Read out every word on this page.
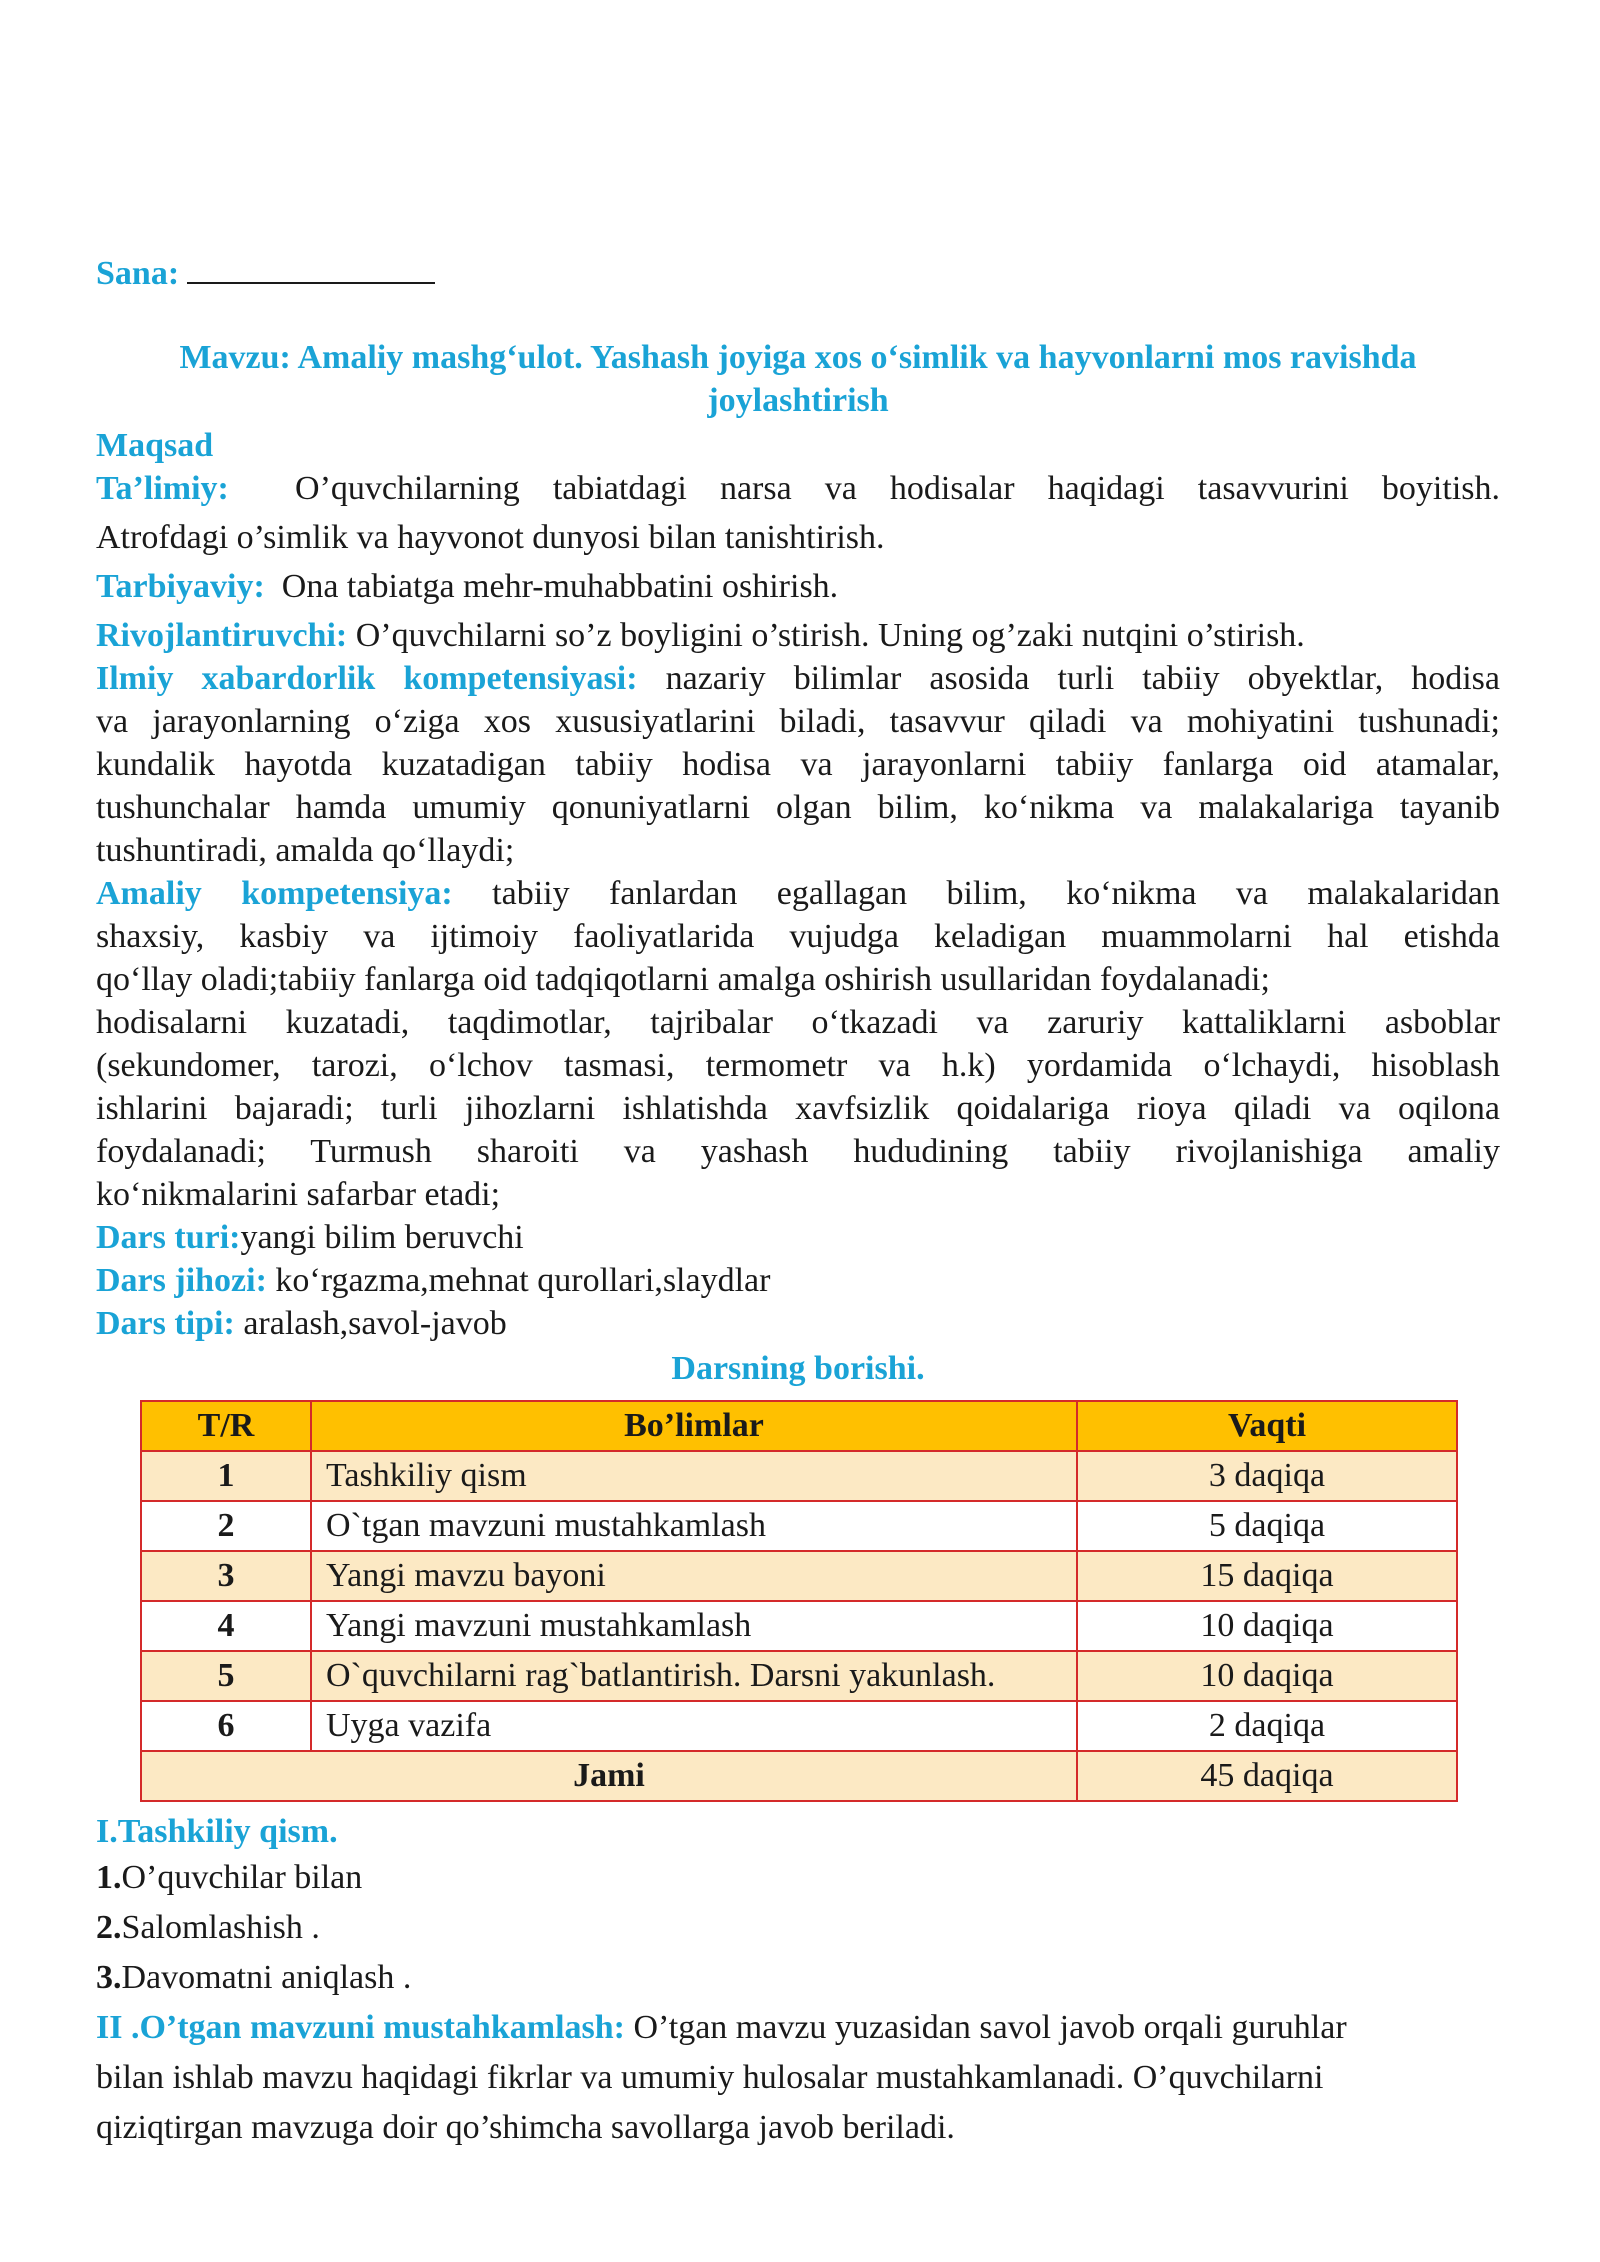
Sana:
Mavzu: Amaliy mashg‘ulot. Yashash joyiga xos o‘simlik va hayvonlarni mos ravishda
joylashtirish

Maqsad

Ta’limiy: O’quvchilarning tabiatdagi narsa va hodisalar haqidagi tasavvurini boyitish.

Atrofdagi o’simlik va hayvonot dunyosi bilan tanishtirish.

Tarbiyaviy: Ona tabiatga mehr-muhabbatini oshirish.

Rivojlantiruvchi: O’quvchilarni so’z boyligini o’stirish. Uning og’zaki nutqini o’stirish.

Ilmiy xabardorlik kompetensiyasi: nazariy bilimlar asosida turli tabiiy obyektlar, hodisa

va jarayonlarning o‘ziga xos xususiyatlarini biladi, tasavvur qiladi va mohiyatini tushunadi;

kundalik hayotda kuzatadigan tabiiy hodisa va jarayonlarni tabiiy fanlarga oid atamalar,

tushunchalar hamda umumiy qonuniyatlarni olgan bilim, ko‘nikma va malakalariga tayanib

tushuntiradi, amalda qo‘llaydi;

Amaliy kompetensiya: tabiiy fanlardan egallagan bilim, ko‘nikma va malakalaridan

shaxsiy, kasbiy va ijtimoiy faoliyatlarida vujudga keladigan muammolarni hal etishda

qo‘llay oladi;tabiiy fanlarga oid tadqiqotlarni amalga oshirish usullaridan foydalanadi;

hodisalarni kuzatadi, taqdimotlar, tajribalar o‘tkazadi va zaruriy kattaliklarni asboblar

(sekundomer, tarozi, o‘lchov tasmasi, termometr va h.k) yordamida o‘lchaydi, hisoblash

ishlarini bajaradi; turli jihozlarni ishlatishda xavfsizlik qoidalariga rioya qiladi va oqilona

foydalanadi; Turmush sharoiti va yashash hududining tabiiy rivojlanishiga amaliy

ko‘nikmalarini safarbar etadi;

Dars turi:yangi bilim beruvchi

Dars jihozi: ko‘rgazma,mehnat qurollari,slaydlar

Dars tipi: aralash,savol-javob

Darsning borishi.

T/R	Bo’limlar	Vaqti
1	Tashkiliy qism	3 daqiqa
2	O`tgan mavzuni mustahkamlash	5 daqiqa
3	Yangi mavzu bayoni	15 daqiqa
4	Yangi mavzuni mustahkamlash	10 daqiqa
5	O`quvchilarni rag`batlantirish. Darsni yakunlash.	10 daqiqa
6	Uyga vazifa	2 daqiqa
Jami		45 daqiqa

I.Tashkiliy qism.

1.O’quvchilar bilan

2.Salomlashish .

3.Davomatni aniqlash .

II .O’tgan mavzuni mustahkamlash: O’tgan mavzu yuzasidan savol javob orqali guruhlar

bilan ishlab mavzu haqidagi fikrlar va umumiy hulosalar mustahkamlanadi. O’quvchilarni

qiziqtirgan mavzuga doir qo’shimcha savollarga javob beriladi.
